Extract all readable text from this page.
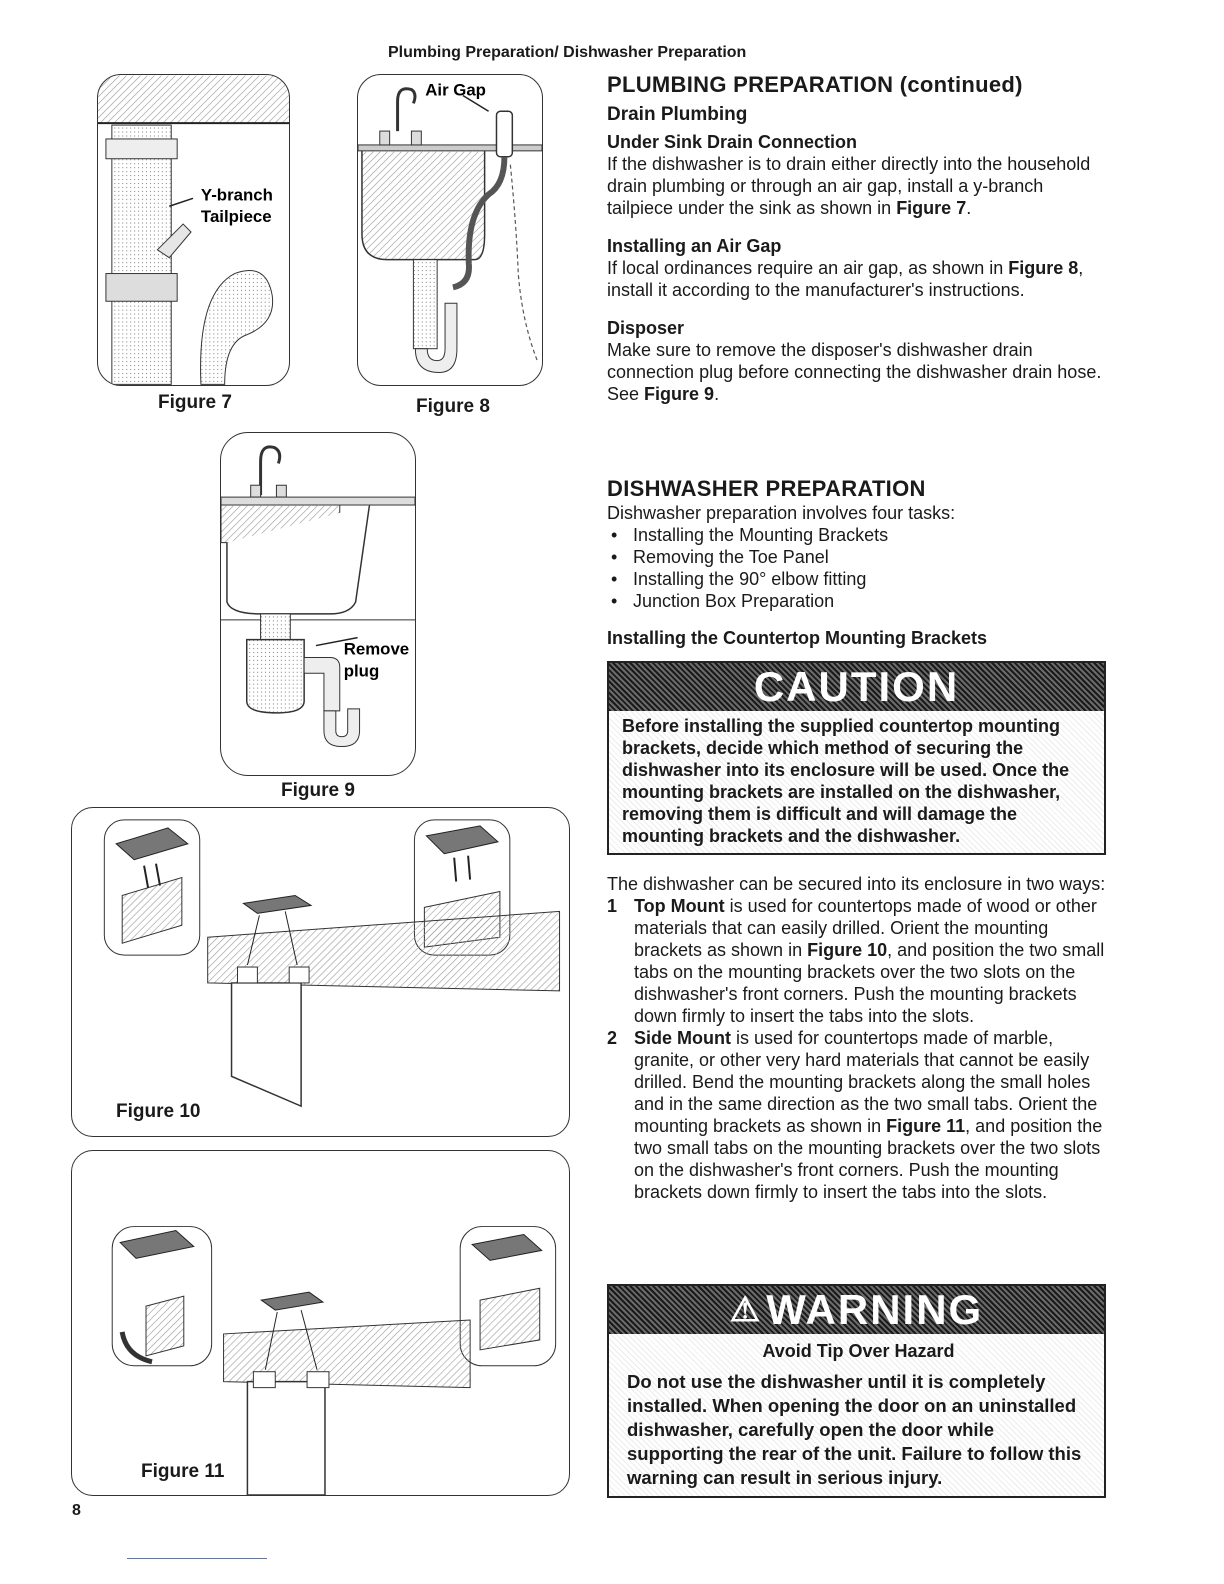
Plumbing Preparation/ Dishwasher Preparation
Y-branch
Tailpiece
Figure 7
Air Gap
Figure 8
Remove
plug
Figure 9
Figure 10
Figure 11
PLUMBING PREPARATION (continued)
Drain Plumbing
Under Sink Drain Connection
If the dishwasher is to drain either directly into the household drain plumbing or through an air gap, install a y-branch tailpiece under the sink as shown in Figure 7.
Installing an Air Gap
If local ordinances require an air gap, as shown in Figure 8, install it according to the manufacturer's instructions.
Disposer
Make sure to remove the disposer's dishwasher drain connection plug before connecting the dishwasher drain hose. See Figure 9.
DISHWASHER PREPARATION
Dishwasher preparation involves four tasks:
• Installing the Mounting Brackets
• Removing the Toe Panel
• Installing the 90° elbow fitting
• Junction Box Preparation
Installing the Countertop Mounting Brackets
CAUTION
Before installing the supplied countertop mounting brackets, decide which method of securing the dishwasher into its enclosure will be used. Once the mounting brackets are installed on the dishwasher, removing them is difficult and will damage the mounting brackets and the dishwasher.
The dishwasher can be secured into its enclosure in two ways:
1 Top Mount is used for countertops made of wood or other materials that can easily drilled. Orient the mounting brackets as shown in Figure 10, and position the two small tabs on the mounting brackets over the two slots on the dishwasher's front corners. Push the mounting brackets down firmly to insert the tabs into the slots.
2 Side Mount is used for countertops made of marble, granite, or other very hard materials that cannot be easily drilled. Bend the mounting brackets along the small holes and in the same direction as the two small tabs. Orient the mounting brackets as shown in Figure 11, and position the two small tabs on the mounting brackets over the two slots on the dishwasher's front corners. Push the mounting brackets down firmly to insert the tabs into the slots.
⚠ WARNING
Avoid Tip Over Hazard
Do not use the dishwasher until it is completely installed. When opening the door on an uninstalled dishwasher, carefully open the door while supporting the rear of the unit. Failure to follow this warning can result in serious injury.
8
